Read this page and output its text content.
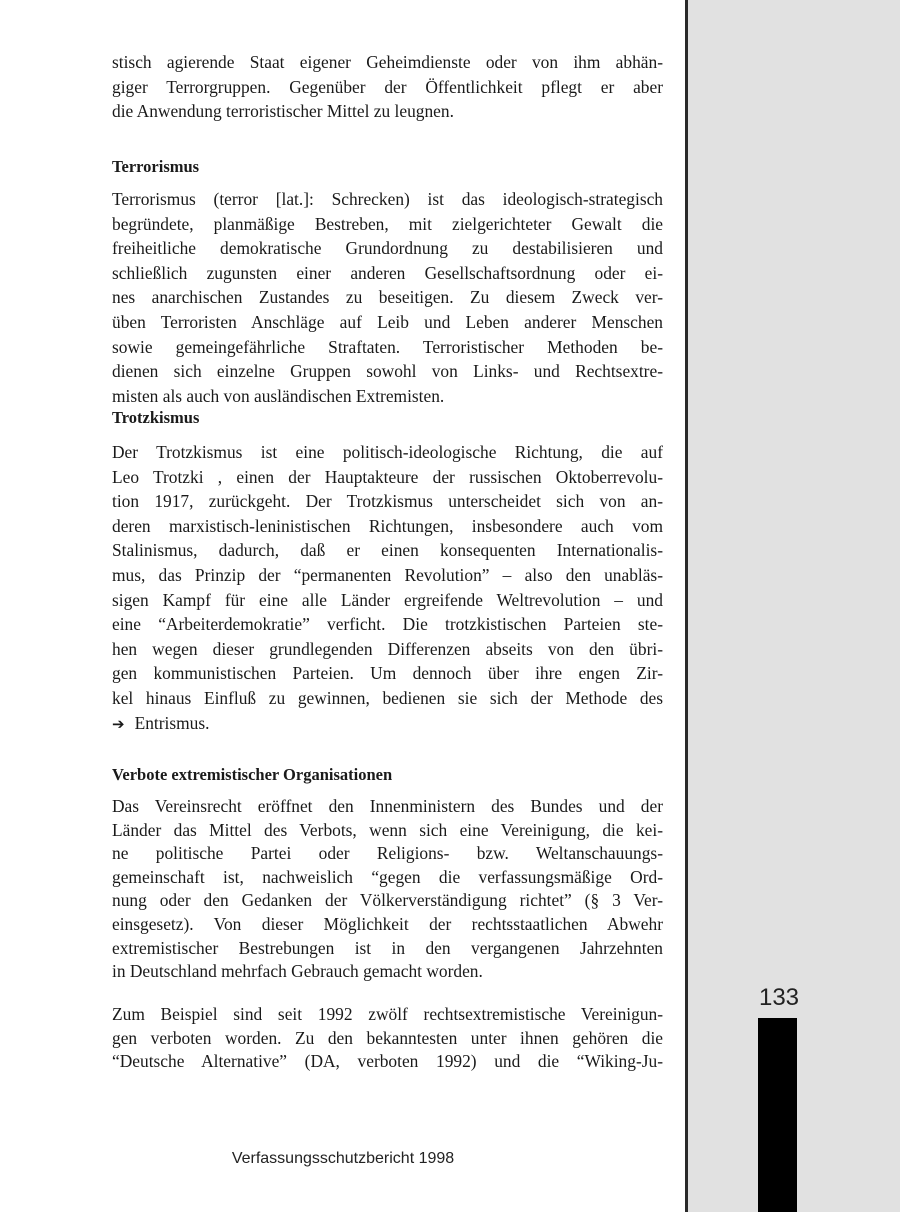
133
stisch agierende Staat eigener Geheimdienste oder von ihm abhän-
giger Terrorgruppen. Gegenüber der Öffentlichkeit pflegt er aber
die Anwendung terroristischer Mittel zu leugnen.
Terrorismus
Terrorismus (terror [lat.]: Schrecken) ist das ideologisch-strategisch
begründete, planmäßige Bestreben, mit zielgerichteter Gewalt die
freiheitliche demokratische Grundordnung zu destabilisieren und
schließlich zugunsten einer anderen Gesellschaftsordnung oder ei-
nes anarchischen Zustandes zu beseitigen. Zu diesem Zweck ver-
üben Terroristen Anschläge auf Leib und Leben anderer Menschen
sowie gemeingefährliche Straftaten. Terroristischer Methoden be-
dienen sich einzelne Gruppen sowohl von Links- und Rechtsextre-
misten als auch von ausländischen Extremisten.
Trotzkismus
Der Trotzkismus ist eine politisch-ideologische Richtung, die auf
Leo Trotzki , einen der Hauptakteure der russischen Oktoberrevolu-
tion 1917, zurückgeht. Der Trotzkismus unterscheidet sich von an-
deren marxistisch-leninistischen Richtungen, insbesondere auch vom
Stalinismus, dadurch, daß er einen konsequenten Internationalis-
mus, das Prinzip der “permanenten Revolution” – also den unabläs-
sigen Kampf für eine alle Länder ergreifende Weltrevolution – und
eine “Arbeiterdemokratie” verficht. Die trotzkistischen Parteien ste-
hen wegen dieser grundlegenden Differenzen abseits von den übri-
gen kommunistischen Parteien. Um dennoch über ihre engen Zir-
kel hinaus Einfluß zu gewinnen, bedienen sie sich der Methode des
➔ Entrismus.
Verbote extremistischer Organisationen
Das Vereinsrecht eröffnet den Innenministern des Bundes und der
Länder das Mittel des Verbots, wenn sich eine Vereinigung, die kei-
ne politische Partei oder Religions- bzw. Weltanschauungs-
gemeinschaft ist, nachweislich “gegen die verfassungsmäßige Ord-
nung oder den Gedanken der Völkerverständigung richtet” (§ 3 Ver-
einsgesetz). Von dieser Möglichkeit der rechtsstaatlichen Abwehr
extremistischer Bestrebungen ist in den vergangenen Jahrzehnten
in Deutschland mehrfach Gebrauch gemacht worden.
Zum Beispiel sind seit 1992 zwölf rechtsextremistische Vereinigun-
gen verboten worden. Zu den bekanntesten unter ihnen gehören die
“Deutsche Alternative” (DA, verboten 1992) und die “Wiking-Ju-
Verfassungsschutzbericht 1998
